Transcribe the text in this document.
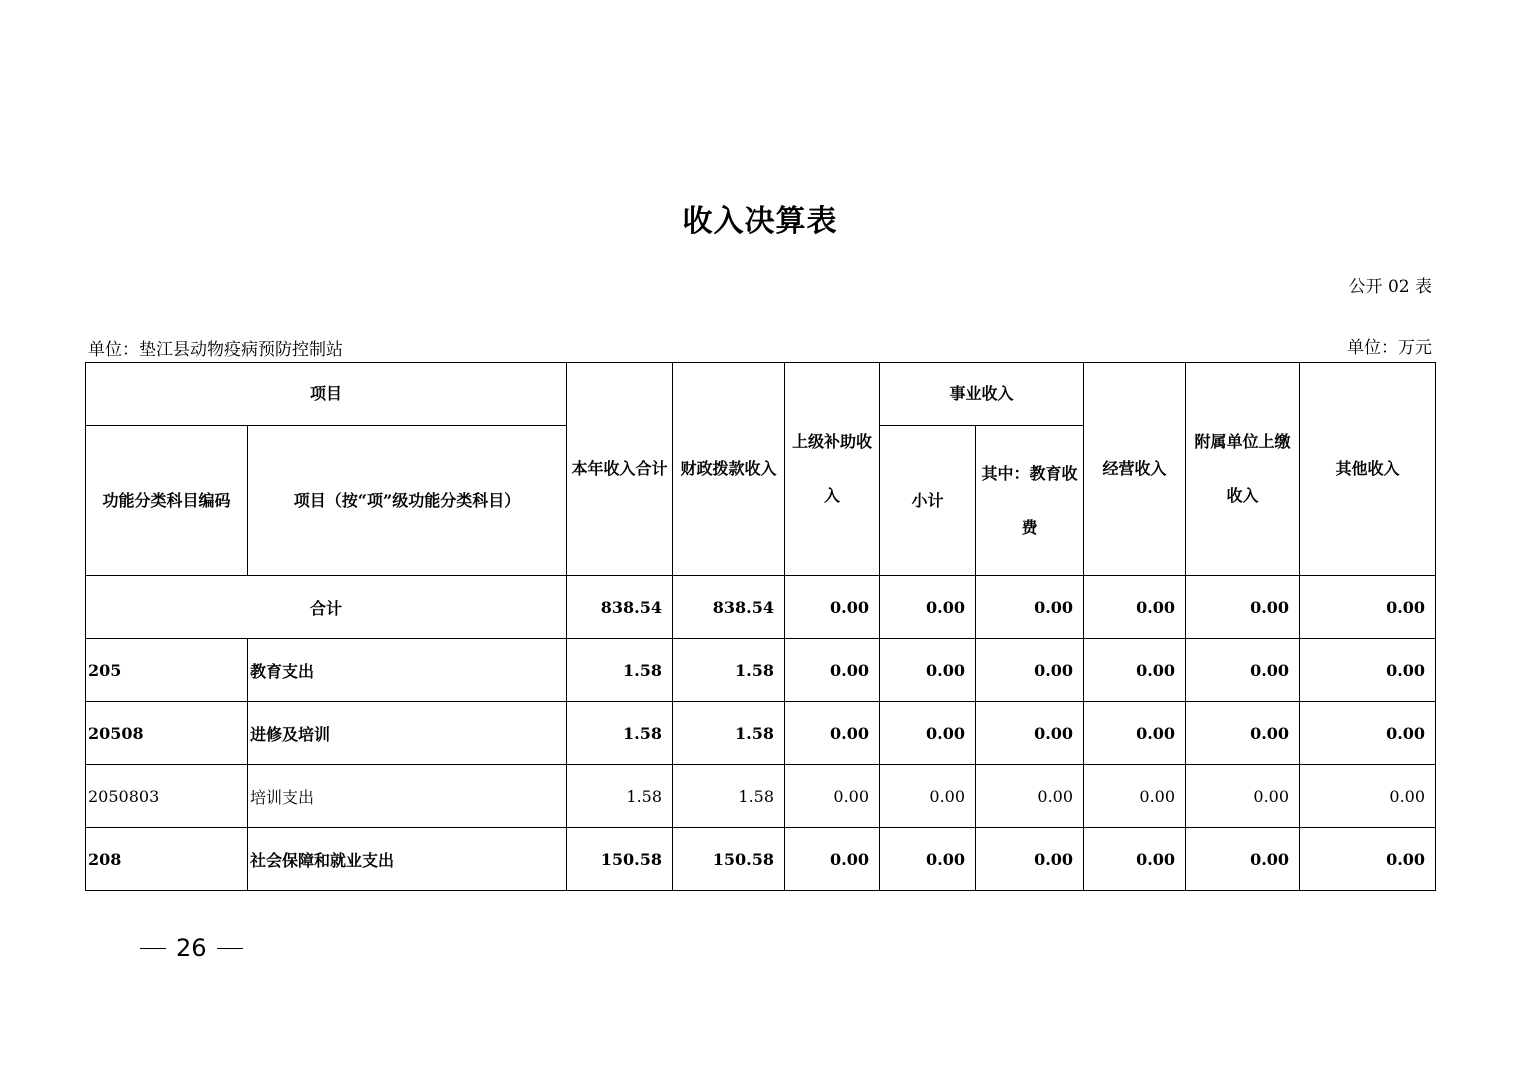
收入决算表
公开 02 表
单位：垫江县动物疫病预防控制站	单位：万元
项目		本年收入合计	财政拨款收入	上级补助收入	事业收入		经营收入	附属单位上缴收入	其他收入
功能分类科目编码	项目（按“项”级功能分类科目）				小计	其中：教育收费			
合计		838.54	838.54	0.00	0.00	0.00	0.00	0.00	0.00
205	教育支出	1.58	1.58	0.00	0.00	0.00	0.00	0.00	0.00
20508	进修及培训	1.58	1.58	0.00	0.00	0.00	0.00	0.00	0.00
2050803	培训支出	1.58	1.58	0.00	0.00	0.00	0.00	0.00	0.00
208	社会保障和就业支出	150.58	150.58	0.00	0.00	0.00	0.00	0.00	0.00
26
